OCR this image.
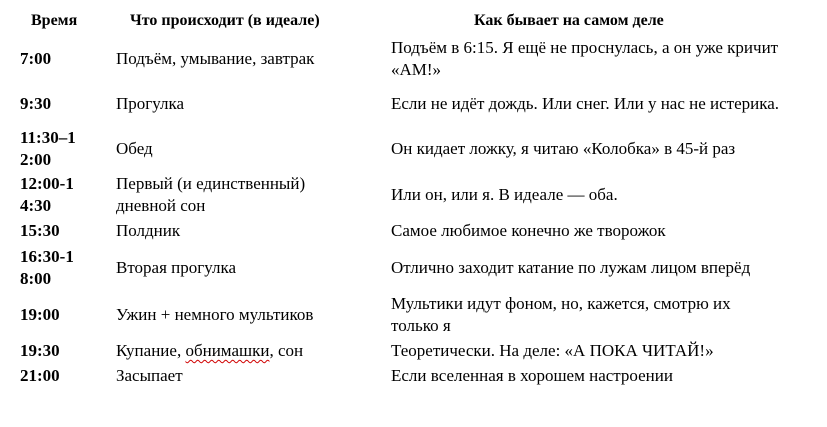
Время	Что происходит (в идеале)	Как бывает на самом деле
7:00	Подъём, умывание, завтрак	Подъём в 6:15. Я ещё не проснулась, а он уже кричит «АМ!»
9:30	Прогулка	Если не идёт дождь. Или снег. Или у нас не истерика.
11:30–12:00	Обед	Он кидает ложку, я читаю «Колобка» в 45-й раз
12:00-14:30	Первый (и единственный) дневной сон	Или он, или я. В идеале — оба.
15:30	Полдник	Самое любимое конечно же творожок
16:30-18:00	Вторая прогулка	Отлично заходит катание по лужам лицом вперёд
19:00	Ужин + немного мультиков	Мультики идут фоном, но, кажется, смотрю их только я
19:30	Купание, обнимашки, сон	Теоретически. На деле: «А ПОКА ЧИТАЙ!»
21:00	Засыпает	Если вселенная в хорошем настроении
